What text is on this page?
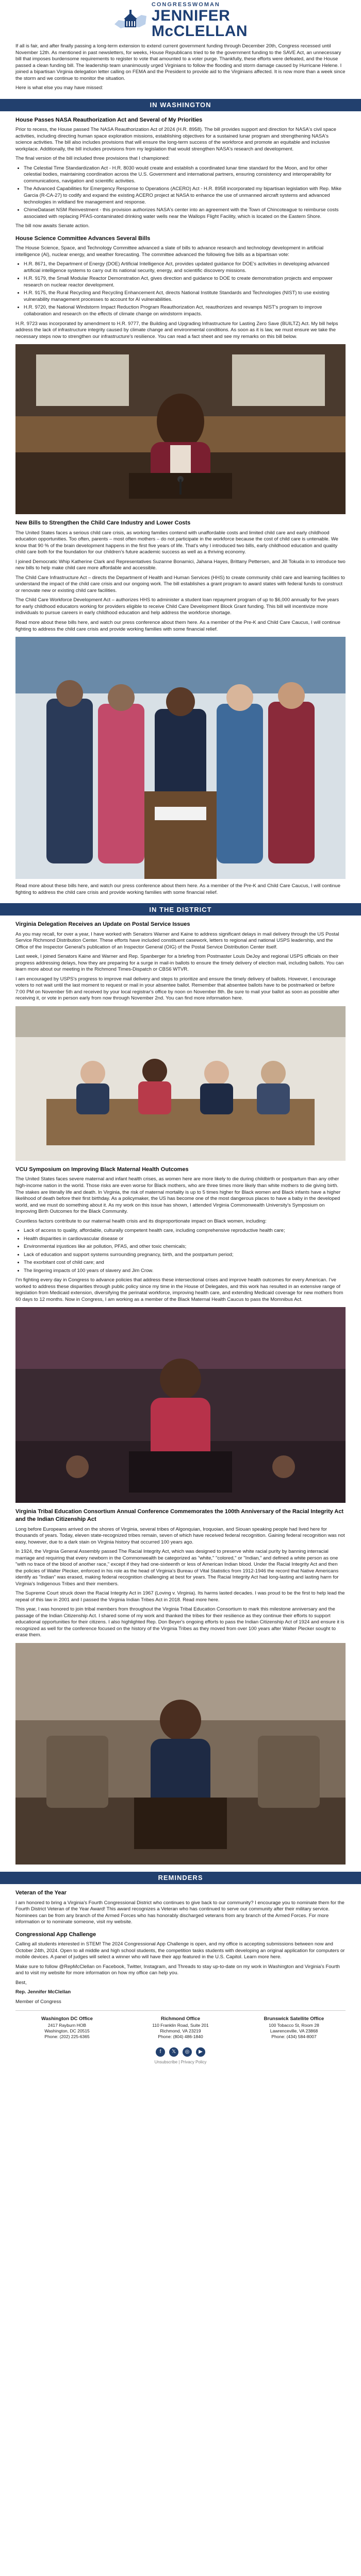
CONGRESSWOMAN
JENNIFER
McCLELLAN

If all is fair, and after finally passing a long-term extension to extend current government funding through December 20th, Congress recessed until November 12th. As mentioned in past newsletters, for weeks, House Republicans tried to tie the government funding to the SAVE Act, an unnecessary bill that imposes burdensome requirements to register to vote that amounted to a voter purge. Thankfully, these efforts were defeated, and the House passed a clean funding bill. The leadership team unanimously urged Virginians to follow the flooding and storm damage caused by Hurricane Helene. I joined a bipartisan Virginia delegation letter calling on FEMA and the President to provide aid to the Virginians affected. It is now more than a week since the storm and we continue to monitor the situation.

Here is what else you may have missed:

IN WASHINGTON
House Passes NASA Reauthorization Act and Several of My Priorities

Prior to recess, the House passed The NASA Reauthorization Act of 2024 (H.R. 8958). The bill provides support and direction for NASA's civil space activities, including directing human space exploration missions, establishing objectives for a sustained lunar program and strengthening NASA's science activities. The bill also includes provisions that will ensure the long-term success of the workforce and promote an equitable and inclusive workplace. Additionally, the bill includes provisions from my legislation that would strengthen NASA's research and development.

The final version of the bill included three provisions that I championed:

• The Celestial Time Standardization Act - H.R. 8030 would create and establish a coordinated lunar time standard for the Moon, and for other celestial bodies, maintaining coordination across the U.S. Government and international partners, ensuring consistency and interoperability for communications, navigation and scientific activities.
• The Advanced Capabilities for Emergency Response to Operations (ACERO) Act - H.R. 8958 incorporated my bipartisan legislation with Rep. Mike Garcia (R-CA-27) to codify and expand the existing ACERO project at NASA to enhance the use of unmanned aircraft systems and advanced technologies in wildland fire management and response.
• ChimeDataset NSM Reinvestment - this provision authorizes NASA's center into an agreement with the Town of Chincoteague to reimburse costs associated with replacing PFAS-contaminated drinking water wells near the Wallops Flight Facility, which is located on the Eastern Shore.

The bill now awaits Senate action.

House Science Committee Advances Several Bills

The House Science, Space, and Technology Committee advanced a slate of bills to advance research and technology development in artificial intelligence (AI), nuclear energy, and weather forecasting. The committee advanced the following five bills as a bipartisan vote:

• H.R. 8671, the Department of Energy (DOE) Artificial Intelligence Act, provides updated guidance for DOE's activities in developing advanced artificial intelligence systems to carry out its national security, energy, and scientific discovery missions.
• H.R. 9179, the Small Modular Reactor Demonstration Act, gives direction and guidance to DOE to create demonstration projects and empower research on nuclear reactor development.
• H.R. 9175, the Rural Recycling and Recycling Enhancement Act, directs National Institute Standards and Technologies (NIST) to use existing vulnerability management processes to account for AI vulnerabilities.
• H.R. 9720, the National Windstorm Impact Reduction Program Reauthorization Act, reauthorizes and revamps NIST's program to improve collaboration and research on the effects of climate change on windstorm impacts.

H.R. 9723 was incorporated by amendment to H.R. 9777, the Building and Upgrading Infrastructure for Lasting Zero Save (BUILTZ) Act. My bill helps address the lack of infrastructure integrity caused by climate change and environmental conditions. As soon as it is law, we must ensure we take the necessary steps now to strengthen our infrastructure's resilience. You can read a fact sheet and see my remarks on this bill below.

New Bills to Strengthen the Child Care Industry and Lower Costs

The United States faces a serious child care crisis, as working families contend with unaffordable costs and limited child care and early childhood education opportunities. Too often, parents – most often mothers – do not participate in the workforce because the cost of child care is untenable. We know that 90 % of the brain development happens in the first five years of life. That's why I introduced two bills, early childhood education and quality child care both for the foundation for our children's future academic success as well as a thriving economy.

I joined Democratic Whip Katherine Clark and Representatives Suzanne Bonamici, Jahana Hayes, Brittany Pettersen, and Jill Tokuda in to introduce two new bills to help make child care more affordable and accessible.

The Child Care Infrastructure Act – directs the Department of Health and Human Services (HHS) to create community child care and learning facilities to understand the impact of the child care crisis and our ongoing work. The bill establishes a grant program to award states with federal funds to construct or renovate new or existing child care facilities.

The Child Care Workforce Development Act – authorizes HHS to administer a student loan repayment program of up to $6,000 annually for five years for early childhood educators working for providers eligible to receive Child Care Development Block Grant funding. This bill will incentivize more individuals to pursue careers in early childhood education and help address the workforce shortage.

Read more about these bills here, and watch our press conference about them here. As a member of the Pre-K and Child Care Caucus, I will continue fighting to address the child care crisis and provide working families with some financial relief.

Read more about these bills here, and watch our press conference about them here. As a member of the Pre-K and Child Care Caucus, I will continue fighting to address the child care crisis and provide working families with some financial relief.

IN THE DISTRICT
Virginia Delegation Receives an Update on Postal Service Issues

As you may recall, for over a year, I have worked with Senators Warner and Kaine to address significant delays in mail delivery through the US Postal Service Richmond Distribution Center. These efforts have included constituent casework, letters to regional and national USPS leadership, and the Office of the Inspector General's publication of an Inspector General (OIG) of the Postal Service Distribution Center itself.

Last week, I joined Senators Kaine and Warner and Rep. Spanberger for a briefing from Postmaster Louis DeJoy and regional USPS officials on their progress addressing delays, how they are preparing for a surge in mail-in ballots to ensure the timely delivery of election mail, including ballots. You can learn more about our meeting in the Richmond Times-Dispatch or CBS6 WTVR.

I am encouraged by USPS's progress to improve mail delivery and steps to prioritize and ensure the timely delivery of ballots. However, I encourage voters to not wait until the last moment to request or mail in your absentee ballot. Remember that absentee ballots have to be postmarked or before 7:00 PM on November 5th and received by your local registrar's office by noon on November 8th. Be sure to mail your ballot as soon as possible after receiving it, or vote in person early from now through November 2nd. You can find more information here.

VCU Symposium on Improving Black Maternal Health Outcomes

The United States faces severe maternal and infant health crises, as women here are more likely to die during childbirth or postpartum than any other high-income nation in the world. Those risks are even worse for Black mothers, who are three times more likely than white mothers to die giving birth. The stakes are literally life and death. In Virginia, the risk of maternal mortality is up to 5 times higher for Black women and Black infants have a higher likelihood of death before their first birthday. As a policymaker, the US has become one of the most dangerous places to have a baby in the developed world, and we must do something about it. As my work on this issue has shown, I attended Virginia Commonwealth University's Symposium on Improving Birth Outcomes for the Black Community.

Countless factors contribute to our maternal health crisis and its disproportionate impact on Black women, including:

• Lack of access to quality, affordable, culturally competent health care, including comprehensive reproductive health care;
• Health disparities in cardiovascular disease or
• Environmental injustices like air pollution, PFAS, and other toxic chemicals;
• Lack of education and support systems surrounding pregnancy, birth, and the postpartum period;
• The exorbitant cost of child care; and
• The lingering impacts of 100 years of slavery and Jim Crow.

I'm fighting every day in Congress to advance policies that address these intersectional crises and improve health outcomes for every American. I've worked to address these disparities through public policy since my time in the House of Delegates, and this work has resulted in an extensive range of legislation from Medicaid extension, diversifying the perinatal workforce, improving health care, and extending Medicaid coverage for new mothers from 60 days to 12 months. Now in Congress, I am working as a member of the Black Maternal Health Caucus to pass the Momnibus Act.

Virginia Tribal Education Consortium Annual Conference Commemorates the 100th Anniversary of the Racial Integrity Act and the Indian Citizenship Act

Long before Europeans arrived on the shores of Virginia, several tribes of Algonquian, Iroquoian, and Siouan speaking people had lived here for thousands of years. Today, eleven state-recognized tribes remain, seven of which have received federal recognition. Gaining federal recognition was not easy, however, due to a dark stain on Virginia history that occurred 100 years ago.

In 1924, the Virginia General Assembly passed The Racial Integrity Act, which was designed to preserve white racial purity by banning interracial marriage and requiring that every newborn in the Commonwealth be categorized as "white," "colored," or "Indian," and defined a white person as one "with no trace of the blood of another race," except if they had one-sixteenth or less of American Indian blood. Under the Racial Integrity Act and then the policies of Walter Plecker, enforced in his role as the head of Virginia's Bureau of Vital Statistics from 1912-1946 the record that Native Americans identify as "Indian" was erased, making federal recognition challenging at best for years. The Racial Integrity Act had long-lasting and lasting harm for Virginia's Indigenous Tribes and their members.

The Supreme Court struck down the Racial Integrity Act in 1967 (Loving v. Virginia). Its harms lasted decades. I was proud to be the first to help lead the repeal of this law in 2001 and I passed the Virginia Indian Tribes Act in 2018. Read more here.

This year, I was honored to join tribal members from throughout the Virginia Tribal Education Consortium to mark this milestone anniversary and the passage of the Indian Citizenship Act. I shared some of my work and thanked the tribes for their resilience as they continue their efforts to support educational opportunities for their citizens. I also highlighted Rep. Don Beyer's ongoing efforts to pass the Indian Citizenship Act of 1924 and ensure it is recognized as well for the conference focused on the history of the Virginia Tribes as they moved from over 100 years after Walter Plecker sought to erase them.

REMINDERS
Veteran of the Year

I am honored to bring a Virginia's Fourth Congressional District who continues to give back to our community? I encourage you to nominate them for the Fourth District Veteran of the Year Award! This award recognizes a Veteran who has continued to serve our community after their military service. Nominees can be from any branch of the Armed Forces who has honorably discharged veterans from any branch of the Armed Forces. For more information or to nominate someone, visit my website.

Congressional App Challenge

Calling all students interested in STEM! The 2024 Congressional App Challenge is open, and my office is accepting submissions between now and October 24th, 2024. Open to all middle and high school students, the competition tasks students with developing an original application for computers or mobile devices. A panel of judges will select a winner who will have their app featured in the U.S. Capitol. Learn more here.

Make sure to follow @RepMcClellan on Facebook, Twitter, Instagram, and Threads to stay up-to-date on my work in Washington and Virginia's Fourth and to visit my website for more information on how my office can help you.

Best,

Rep. Jennifer McClellan

Member of Congress

Washington DC Office
2417 Rayburn HOB
Washington, DC 20515
Phone: (202) 225-6365
Richmond Office
110 Franklin Road, Suite 201
Richmond, VA 23219
Phone: (804) 486-1840
Brunswick Satellite Office
100 Tobacco St, Room 28
Lawrenceville, VA 23868
Phone: (434) 584-8007
f	𝕏	◎	▶

Unsubscribe | Privacy Policy
